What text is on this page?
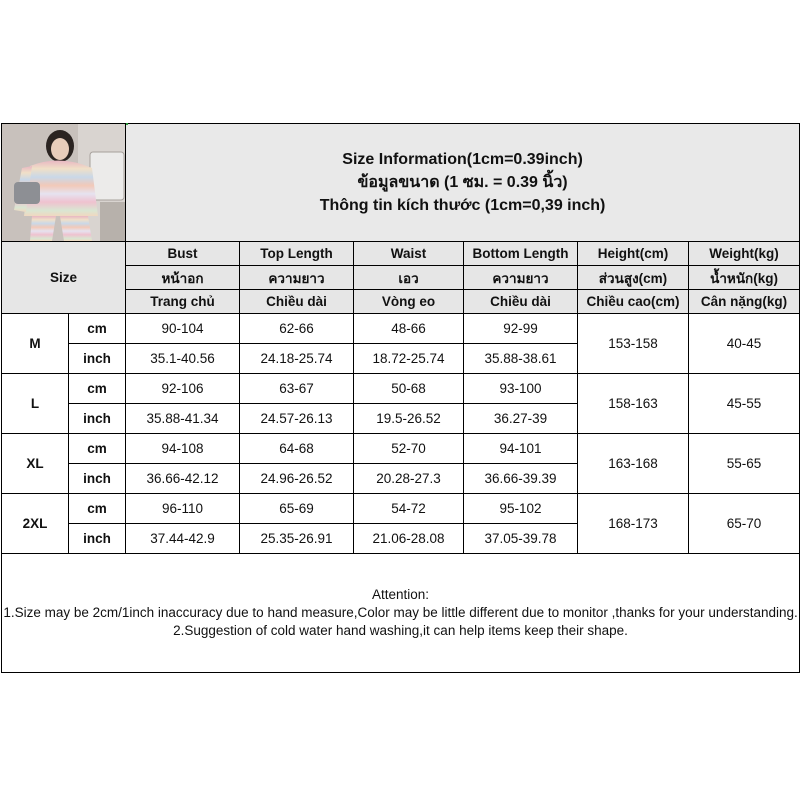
Size Information(1cm=0.39inch)
ข้อมูลขนาด (1 ซม. = 0.39 นิ้ว)
Thông tin kích thước (1cm=0,39 inch)					

Size		Bust	Top Length	Waist	Bottom Length	Height(cm)	Weight(kg)
		หน้าอก	ความยาว	เอว	ความยาว	ส่วนสูง(cm)	น้ำหนัก(kg)
		Trang chủ	Chiều dài	Vòng eo	Chiều dài	Chiều cao(cm)	Cân nặng(kg)
M	cm	90-104	62-66	48-66	92-99	153-158	40-45
	inch	35.1-40.56	24.18-25.74	18.72-25.74	35.88-38.61		
L	cm	92-106	63-67	50-68	93-100	158-163	45-55
	inch	35.88-41.34	24.57-26.13	19.5-26.52	36.27-39		
XL	cm	94-108	64-68	52-70	94-101	163-168	55-65
	inch	36.66-42.12	24.96-26.52	20.28-27.3	36.66-39.39		
2XL	cm	96-110	65-69	54-72	95-102	168-173	65-70
	inch	37.44-42.9	25.35-26.91	21.06-28.08	37.05-39.78		

Attention:
1.Size may be 2cm/1inch inaccuracy due to hand measure,Color may be little different due to monitor ,thanks for your understanding.
2.Suggestion of cold water hand washing,it can help items keep their shape.							
